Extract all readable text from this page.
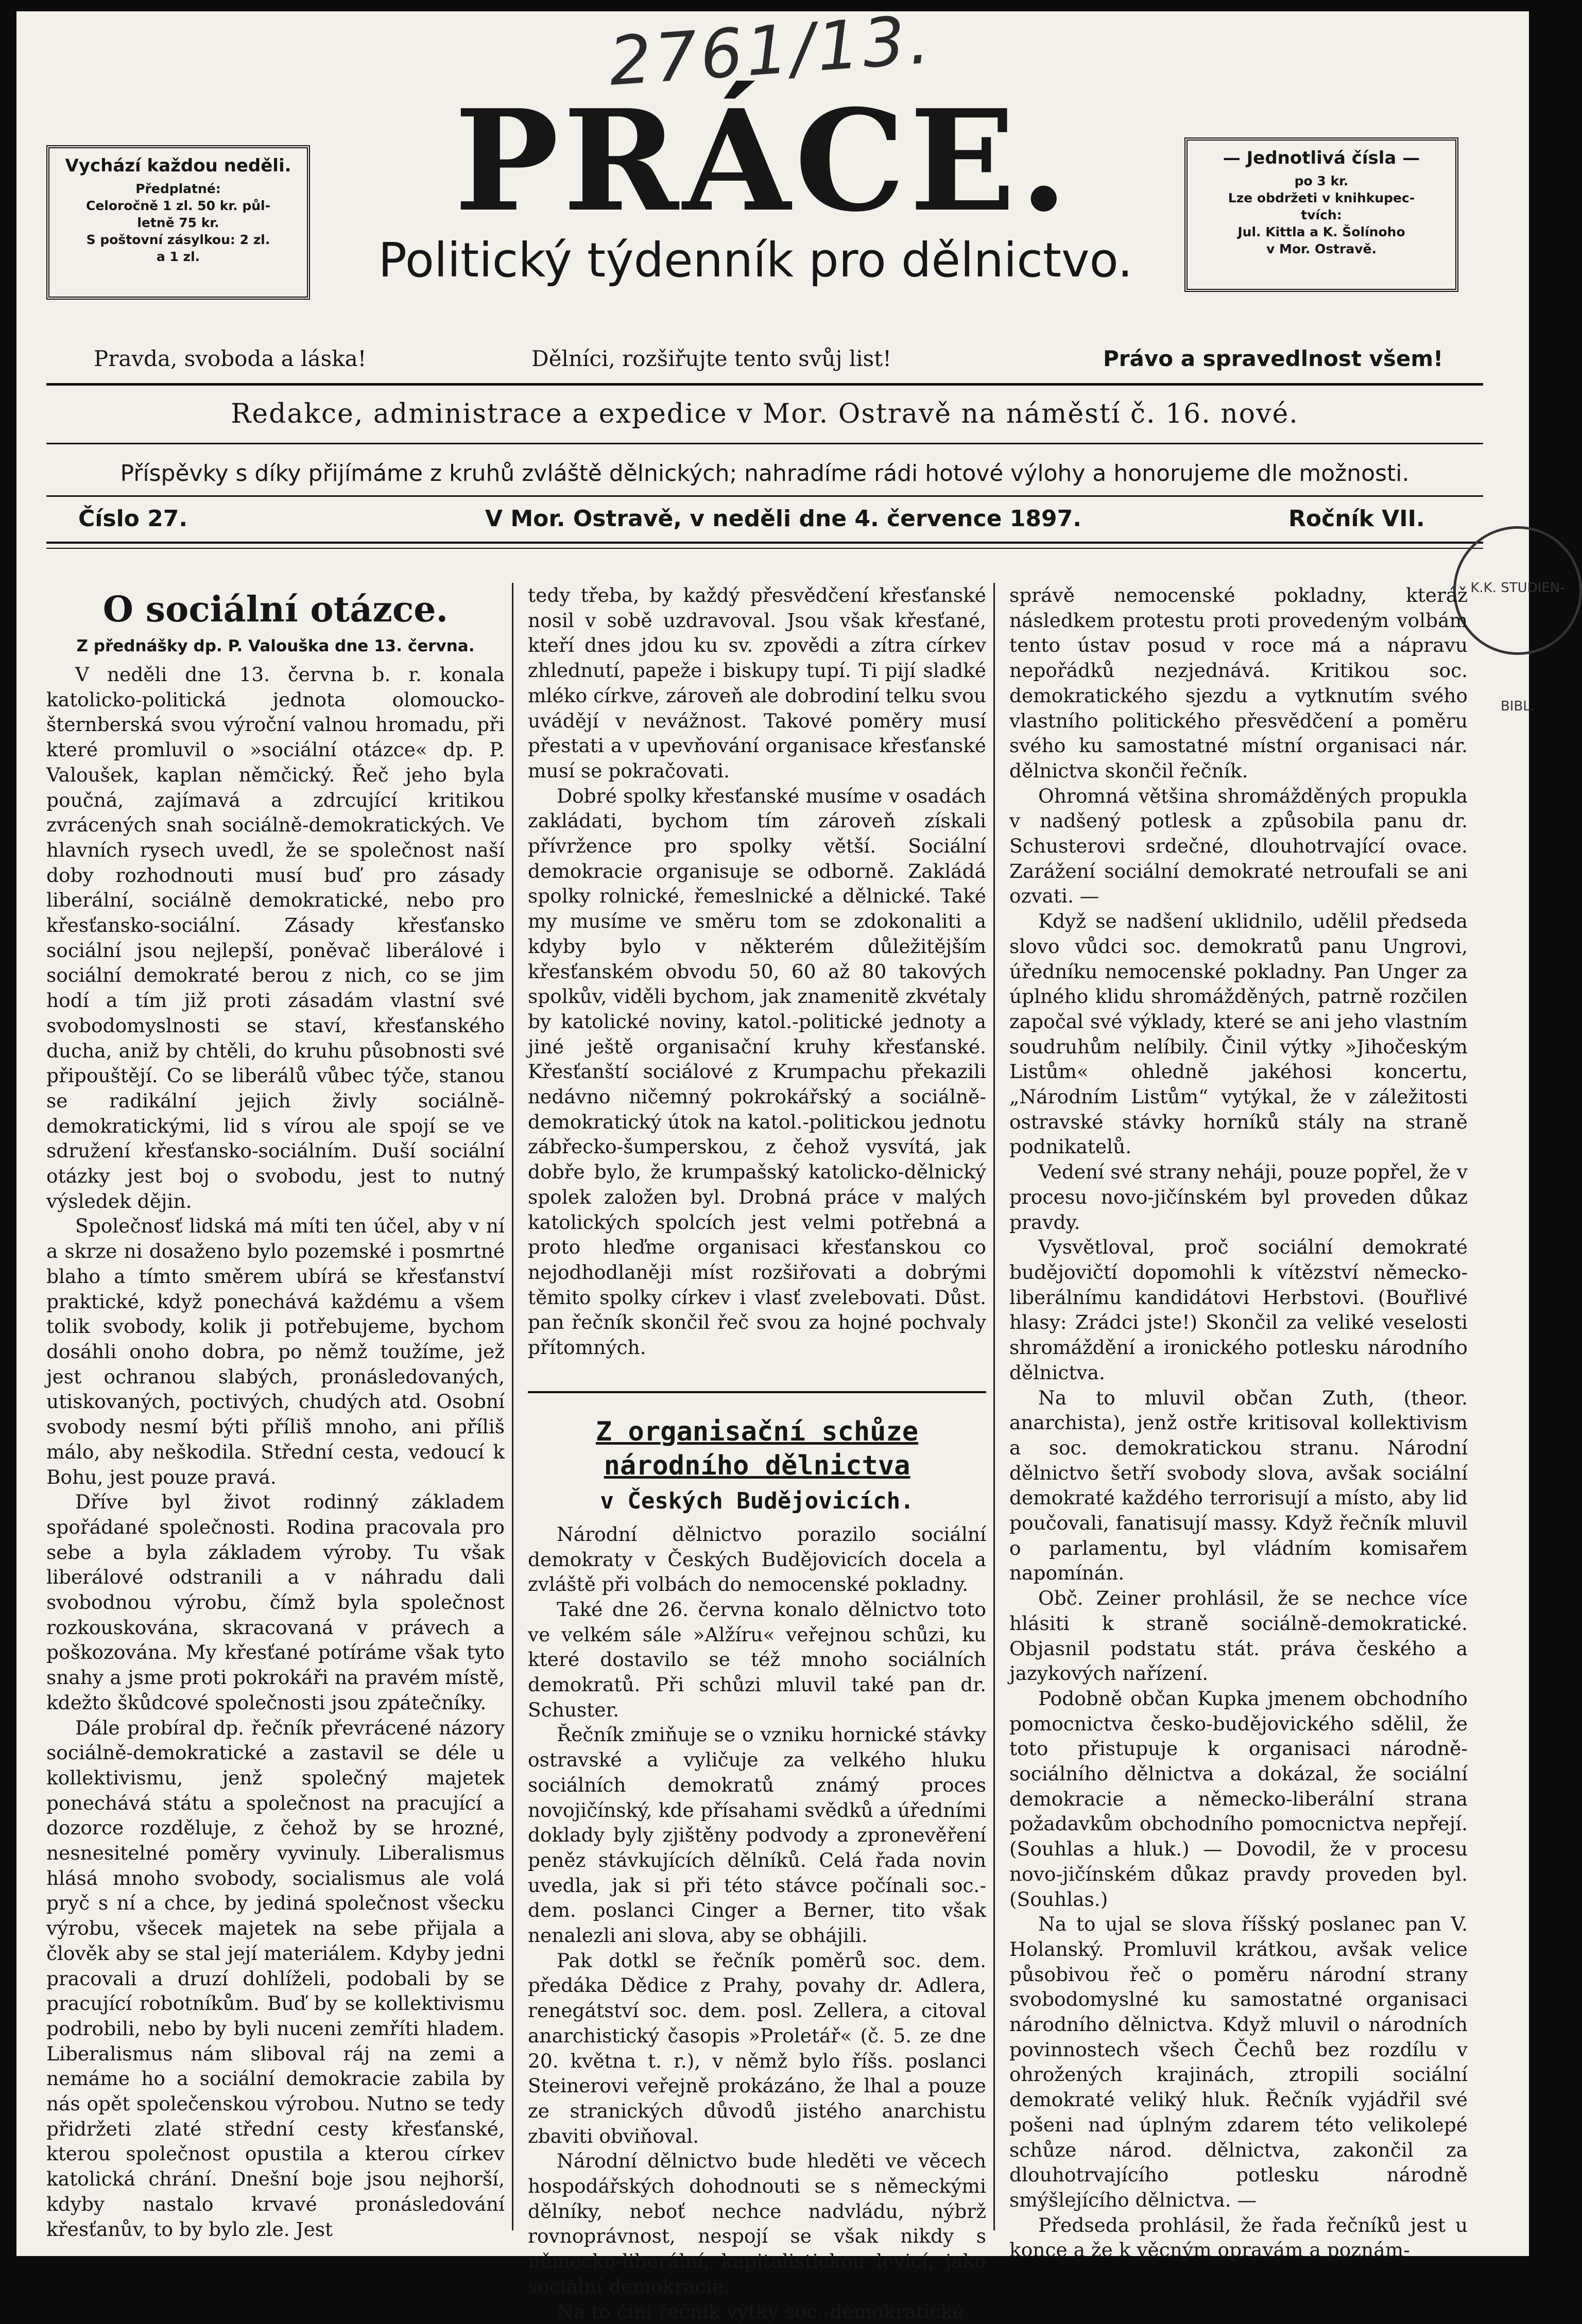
2761/13.
Vychází každou neděli.
Předplatné:
Celoročně 1 zl. 50 kr. půl-
letně 75 kr.
S poštovní zásylkou: 2 zl.
a 1 zl.
PRÁCE.
Politický týdenník pro dělnictvo.
— Jednotlivá čísla —
po 3 kr.
Lze obdržeti v knihkupec-
tvích:
Jul. Kittla a K. Šolínoho
v Mor. Ostravě.
Pravda, svoboda a láska!	Dělníci, rozšiřujte tento svůj list!	Právo a spravedlnost všem!
Redakce, administrace a expedice v Mor. Ostravě na náměstí č. 16. nové.
Příspěvky s díky přijímáme z kruhů zvláště dělnických; nahradíme rádi hotové výlohy a honorujeme dle možnosti.
Číslo 27.	V Mor. Ostravě, v neděli dne 4. července 1897.	Ročník VII.
K.K. STUDIEN-BIBL.
O sociální otázce.
Z přednášky dp. P. Valouška dne 13. června.

V neděli dne 13. června b. r. konala katolicko-politická jednota olomoucko-šternberská svou výroční valnou hromadu, při které promluvil o »sociální otázce« dp. P. Valoušek, kaplan němčický. Řeč jeho byla poučná, zajímavá a zdrcující kritikou zvrácených snah sociálně-demokratických. Ve hlavních rysech uvedl, že se společnost naší doby rozhodnouti musí buď pro zásady liberální, sociálně demokratické, nebo pro křesťansko-sociální. Zásady křesťansko sociální jsou nejlepší, poněvač liberálové i sociální demokraté berou z nich, co se jim hodí a tím již proti zásadám vlastní své svobodomyslnosti se staví, křesťanského ducha, aniž by chtěli, do kruhu působnosti své připouštějí. Co se liberálů vůbec týče, stanou se radikální jejich živly sociálně-demokratickými, lid s vírou ale spojí se ve sdružení křesťansko-sociálním. Duší sociální otázky jest boj o svobodu, jest to nutný výsledek dějin.

Společnosť lidská má míti ten účel, aby v ní a skrze ni dosaženo bylo pozemské i posmrtné blaho a tímto směrem ubírá se křesťanství praktické, když ponechává každému a všem tolik svobody, kolik ji potřebujeme, bychom dosáhli onoho dobra, po němž toužíme, jež jest ochranou slabých, pronásledovaných, utiskovaných, poctivých, chudých atd. Osobní svobody nesmí býti příliš mnoho, ani příliš málo, aby neškodila. Střední cesta, vedoucí k Bohu, jest pouze pravá.

Dříve byl život rodinný základem spořádané společnosti. Rodina pracovala pro sebe a byla základem výroby. Tu však liberálové odstranili a v náhradu dali svobodnou výrobu, čímž byla společnost rozkouskována, skracovaná v právech a poškozována. My křesťané potíráme však tyto snahy a jsme proti pokrokáři na pravém místě, kdežto škůdcové společnosti jsou zpátečníky.

Dále probíral dp. řečník převrácené názory sociálně-demokratické a zastavil se déle u kollektivismu, jenž společný majetek ponechává státu a společnost na pracující a dozorce rozděluje, z čehož by se hrozné, nesnesitelné poměry vyvinuly. Liberalismus hlásá mnoho svobody, socialismus ale volá pryč s ní a chce, by jediná společnost všecku výrobu, všecek majetek na sebe přijala a člověk aby se stal její materiálem. Kdyby jedni pracovali a druzí dohlíželi, podobali by se pracující robotníkům. Buď by se kollektivismu podrobili, nebo by byli nuceni zemříti hladem. Liberalismus nám sliboval ráj na zemi a nemáme ho a sociální demokracie zabila by nás opět společenskou výrobou. Nutno se tedy přidržeti zlaté střední cesty křesťanské, kterou společnost opustila a kterou církev katolická chrání. Dnešní boje jsou nejhorší, kdyby nastalo krvavé pronásledování křesťanův, to by bylo zle. Jest

tedy třeba, by každý přesvědčení křesťanské nosil v sobě uzdravoval. Jsou však křesťané, kteří dnes jdou ku sv. zpovědi a zítra církev zhlednutí, papeže i biskupy tupí. Ti pijí sladké mléko církve, zároveň ale dobrodiní telku svou uvádějí v nevážnost. Takové poměry musí přestati a v upevňování organisace křesťanské musí se pokračovati.

Dobré spolky křesťanské musíme v osadách zakládati, bychom tím zároveň získali přívržence pro spolky větší. Sociální demokracie organisuje se odborně. Zakládá spolky rolnické, řemeslnické a dělnické. Také my musíme ve směru tom se zdokonaliti a kdyby bylo v některém důležitějším křesťanském obvodu 50, 60 až 80 takových spolkův, viděli bychom, jak znamenitě zkvétaly by katolické noviny, katol.-politické jednoty a jiné ještě organisační kruhy křesťanské. Křesťanští sociálové z Krumpachu překazili nedávno ničemný pokrokářský a sociálně-demokratický útok na katol.-politickou jednotu zábřecko-šumperskou, z čehož vysvítá, jak dobře bylo, že krumpašský katolicko-dělnický spolek založen byl. Drobná práce v malých katolických spolcích jest velmi potřebná a proto hleďme organisaci křesťanskou co nejodhodlaněji míst rozšiřovati a dobrými těmito spolky církev i vlasť zvelebovati. Důst. pan řečník skončil řeč svou za hojné pochvaly přítomných.

Z organisační schůze národního dělnictva
v Českých Budějovicích.

Národní dělnictvo porazilo sociální demokraty v Českých Budějovicích docela a zvláště při volbách do nemocenské pokladny.

Také dne 26. června konalo dělnictvo toto ve velkém sále »Alžíru« veřejnou schůzi, ku které dostavilo se též mnoho sociálních demokratů. Při schůzi mluvil také pan dr. Schuster.

Řečník zmiňuje se o vzniku hornické stávky ostravské a vyličuje za velkého hluku sociálních demokratů známý proces novojičínský, kde přísahami svědků a úředními doklady byly zjištěny podvody a zpronevěření peněz stávkujících dělníků. Celá řada novin uvedla, jak si při této stávce počínali soc.-dem. poslanci Cinger a Berner, tito však nenalezli ani slova, aby se obhájili.

Pak dotkl se řečník poměrů soc. dem. předáka Dědice z Prahy, povahy dr. Adlera, renegátství soc. dem. posl. Zellera, a citoval anarchistický časopis »Proletář« (č. 5. ze dne 20. května t. r.), v němž bylo říšs. poslanci Steinerovi veřejně prokázáno, že lhal a pouze ze stranických důvodů jistého anarchistu zbaviti obviňoval.

Národní dělnictvo bude hleděti ve věcech hospodářských dohodnouti se s německými dělníky, neboť nechce nadvládu, nýbrž rovnoprávnost, nespojí se však nikdy s německo-liberální, kapitalistickou levicí, jako sociální demokracie.

Na to činí řečník výtky soc.-demokratické

správě nemocenské pokladny, kteráž následkem protestu proti provedeným volbám tento ústav posud v roce má a nápravu nepořádků nezjednává. Kritikou soc. demokratického sjezdu a vytknutím svého vlastního politického přesvědčení a poměru svého ku samostatné místní organisaci nár. dělnictva skončil řečník.

Ohromná většina shromážděných propukla v nadšený potlesk a způsobila panu dr. Schusterovi srdečné, dlouhotrvající ovace. Zarážení sociální demokraté netroufali se ani ozvati. —

Když se nadšení uklidnilo, udělil předseda slovo vůdci soc. demokratů panu Ungrovi, úředníku nemocenské pokladny. Pan Unger za úplného klidu shromážděných, patrně rozčilen započal své výklady, které se ani jeho vlastním soudruhům nelíbily. Činil výtky »Jihočeským Listům« ohledně jakéhosi koncertu, „Národním Listům“ vytýkal, že v záležitosti ostravské stávky horníků stály na straně podnikatelů.

Vedení své strany neháji, pouze popřel, že v procesu novo-jičínském byl proveden důkaz pravdy.

Vysvětloval, proč sociální demokraté budějovičtí dopomohli k vítězství německo-liberálnímu kandidátovi Herbstovi. (Bouřlivé hlasy: Zrádci jste!) Skončil za veliké veselosti shromáždění a ironického potlesku národního dělnictva.

Na to mluvil občan Zuth, (theor. anarchista), jenž ostře kritisoval kollektivism a soc. demokratickou stranu. Národní dělnictvo šetří svobody slova, avšak sociální demokraté každého terrorisují a místo, aby lid poučovali, fanatisují massy. Když řečník mluvil o parlamentu, byl vládním komisařem napomínán.

Obč. Zeiner prohlásil, že se nechce více hlásiti k straně sociálně-demokratické. Objasnil podstatu stát. práva českého a jazykových nařízení.

Podobně občan Kupka jmenem obchodního pomocnictva česko-budějovického sdělil, že toto přistupuje k organisaci národně-sociálního dělnictva a dokázal, že sociální demokracie a německo-liberální strana požadavkům obchodního pomocnictva nepřejí. (Souhlas a hluk.) — Dovodil, že v procesu novo-jičínském důkaz pravdy proveden byl. (Souhlas.)

Na to ujal se slova říšský poslanec pan V. Holanský. Promluvil krátkou, avšak velice působivou řeč o poměru národní strany svobodomyslné ku samostatné organisaci národního dělnictva. Když mluvil o národních povinnostech všech Čechů bez rozdílu v ohrožených krajinách, ztropili sociální demokraté veliký hluk. Řečník vyjádřil své pošeni nad úplným zdarem této velikolepé schůze národ. dělnictva, zakončil za dlouhotrvajícího potlesku národně smýšlejícího dělnictva. —

Předseda prohlásil, že řada řečníků jest u konce a že k věcným opravám a poznám-
